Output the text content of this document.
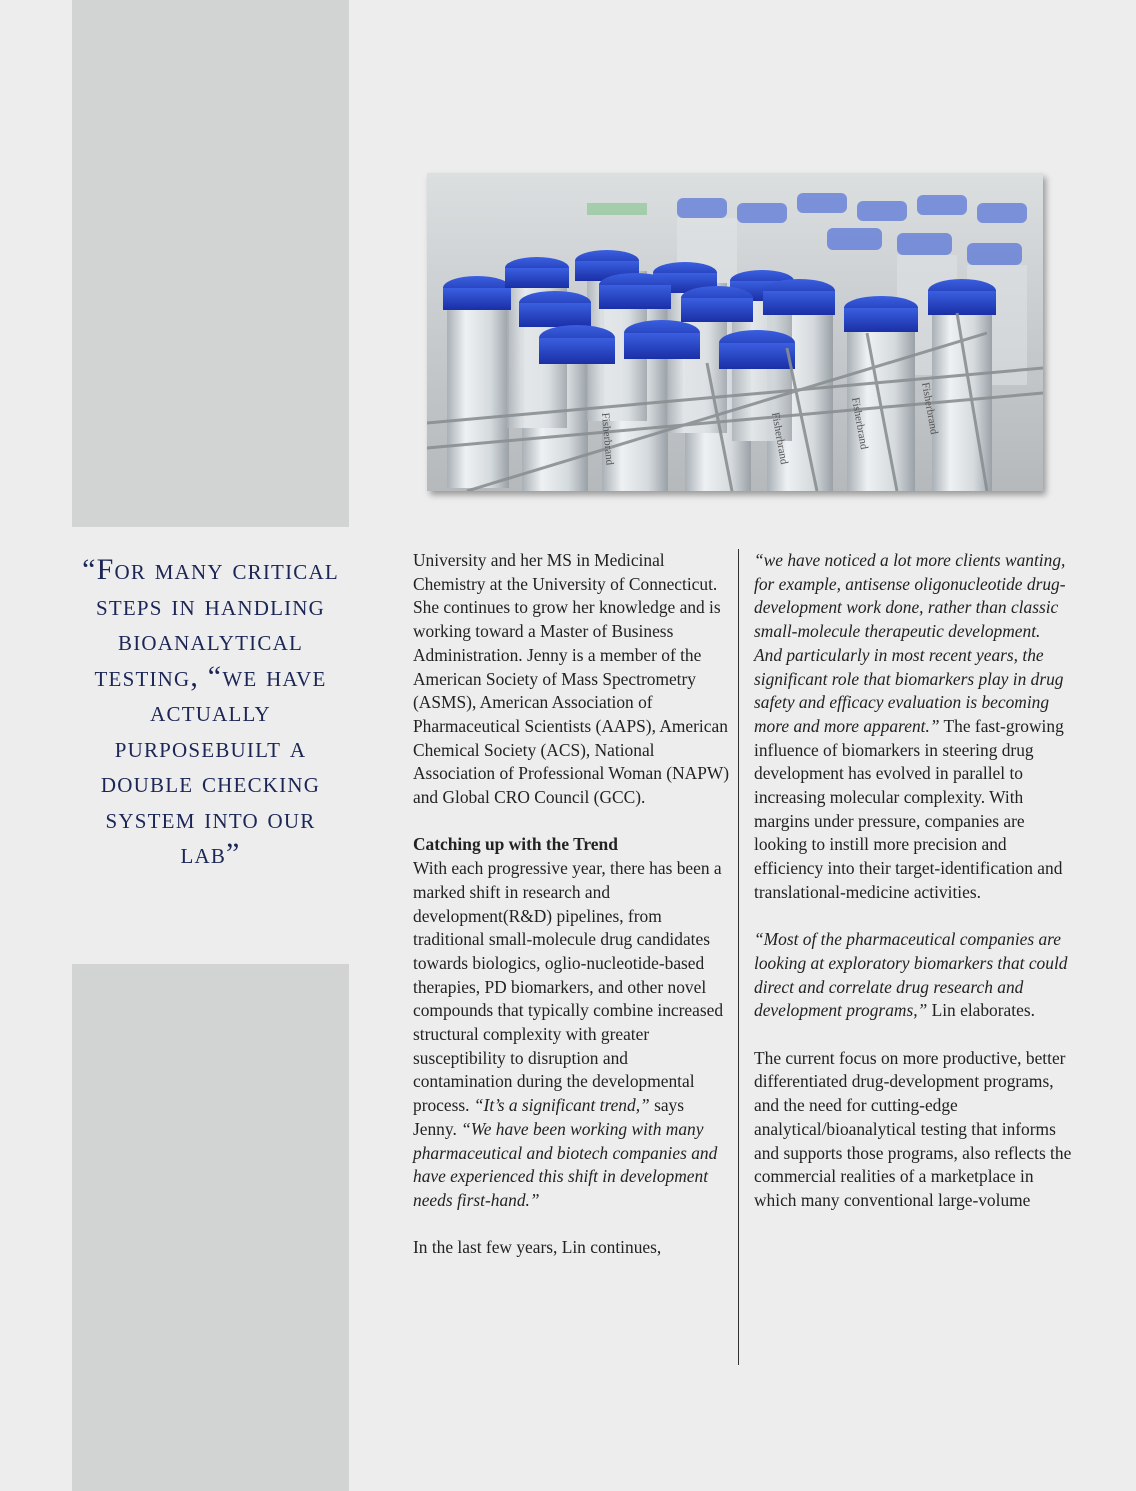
“For many critical steps in handling bioanalytical testing, “we have actually purposebuilt a double checking system into our lab”

Fisherbrand
Fisherbrand
Fisherbrand
Fisherbrand

University and her MS in Medicinal Chemistry at the University of Connecticut. She continues to grow her knowledge and is working toward a Master of Business Administration. Jenny is a member of the American Society of Mass Spectrometry (ASMS), American Association of Pharmaceutical Scientists (AAPS), American Chemical Society (ACS), National Association of Professional Woman (NAPW) and Global CRO Council (GCC).

Catching up with the Trend

With each progressive year, there has been a marked shift in research and development(R&D) pipelines, from traditional small-molecule drug candidates towards biologics, oglio-nucleotide-based therapies, PD biomarkers, and other novel compounds that typically combine increased structural complexity with greater susceptibility to disruption and contamination during the developmental process. “It’s a significant trend,” says Jenny. “We have been working with many pharmaceutical and biotech companies and have experienced this shift in development needs first-hand.”

In the last few years, Lin continues,

“we have noticed a lot more clients wanting, for example, antisense oligonucleotide drug-development work done, rather than classic small-molecule therapeutic development. And particularly in most recent years, the significant role that biomarkers play in drug safety and efficacy evaluation is becoming more and more apparent.” The fast-growing influence of biomarkers in steering drug development has evolved in parallel to increasing molecular complexity. With margins under pressure, companies are looking to instill more precision and efficiency into their target-identification and translational-medicine activities.

“Most of the pharmaceutical companies are looking at exploratory biomarkers that could direct and correlate drug research and development programs,” Lin elaborates.

The current focus on more productive, better differentiated drug-development programs, and the need for cutting-edge analytical/bioanalytical testing that informs and supports those programs, also reflects the commercial realities of a marketplace in which many conventional large-volume
